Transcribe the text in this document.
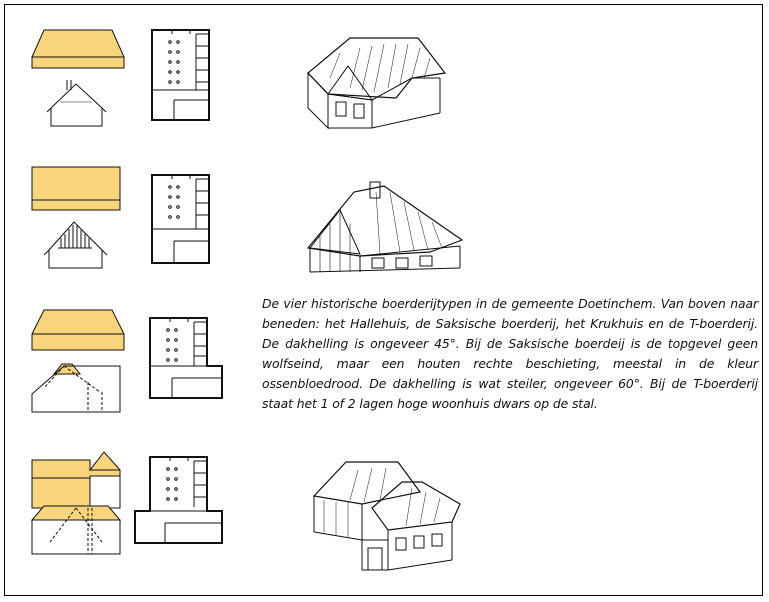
De vier historische boerderijtypen in de gemeente Doetinchem. Van boven naar beneden: het Hallehuis, de Saksische boerderij, het Krukhuis en de T-boerderij. De dakhelling is ongeveer 45°. Bij de Saksische boerdeij is de topgevel geen wolfseind, maar een houten rechte beschieting, meestal in de kleur ossenbloedrood. De dakhelling is wat steiler, ongeveer 60°. Bij de T-boerderij staat het 1 of 2 lagen hoge woonhuis dwars op de stal.
